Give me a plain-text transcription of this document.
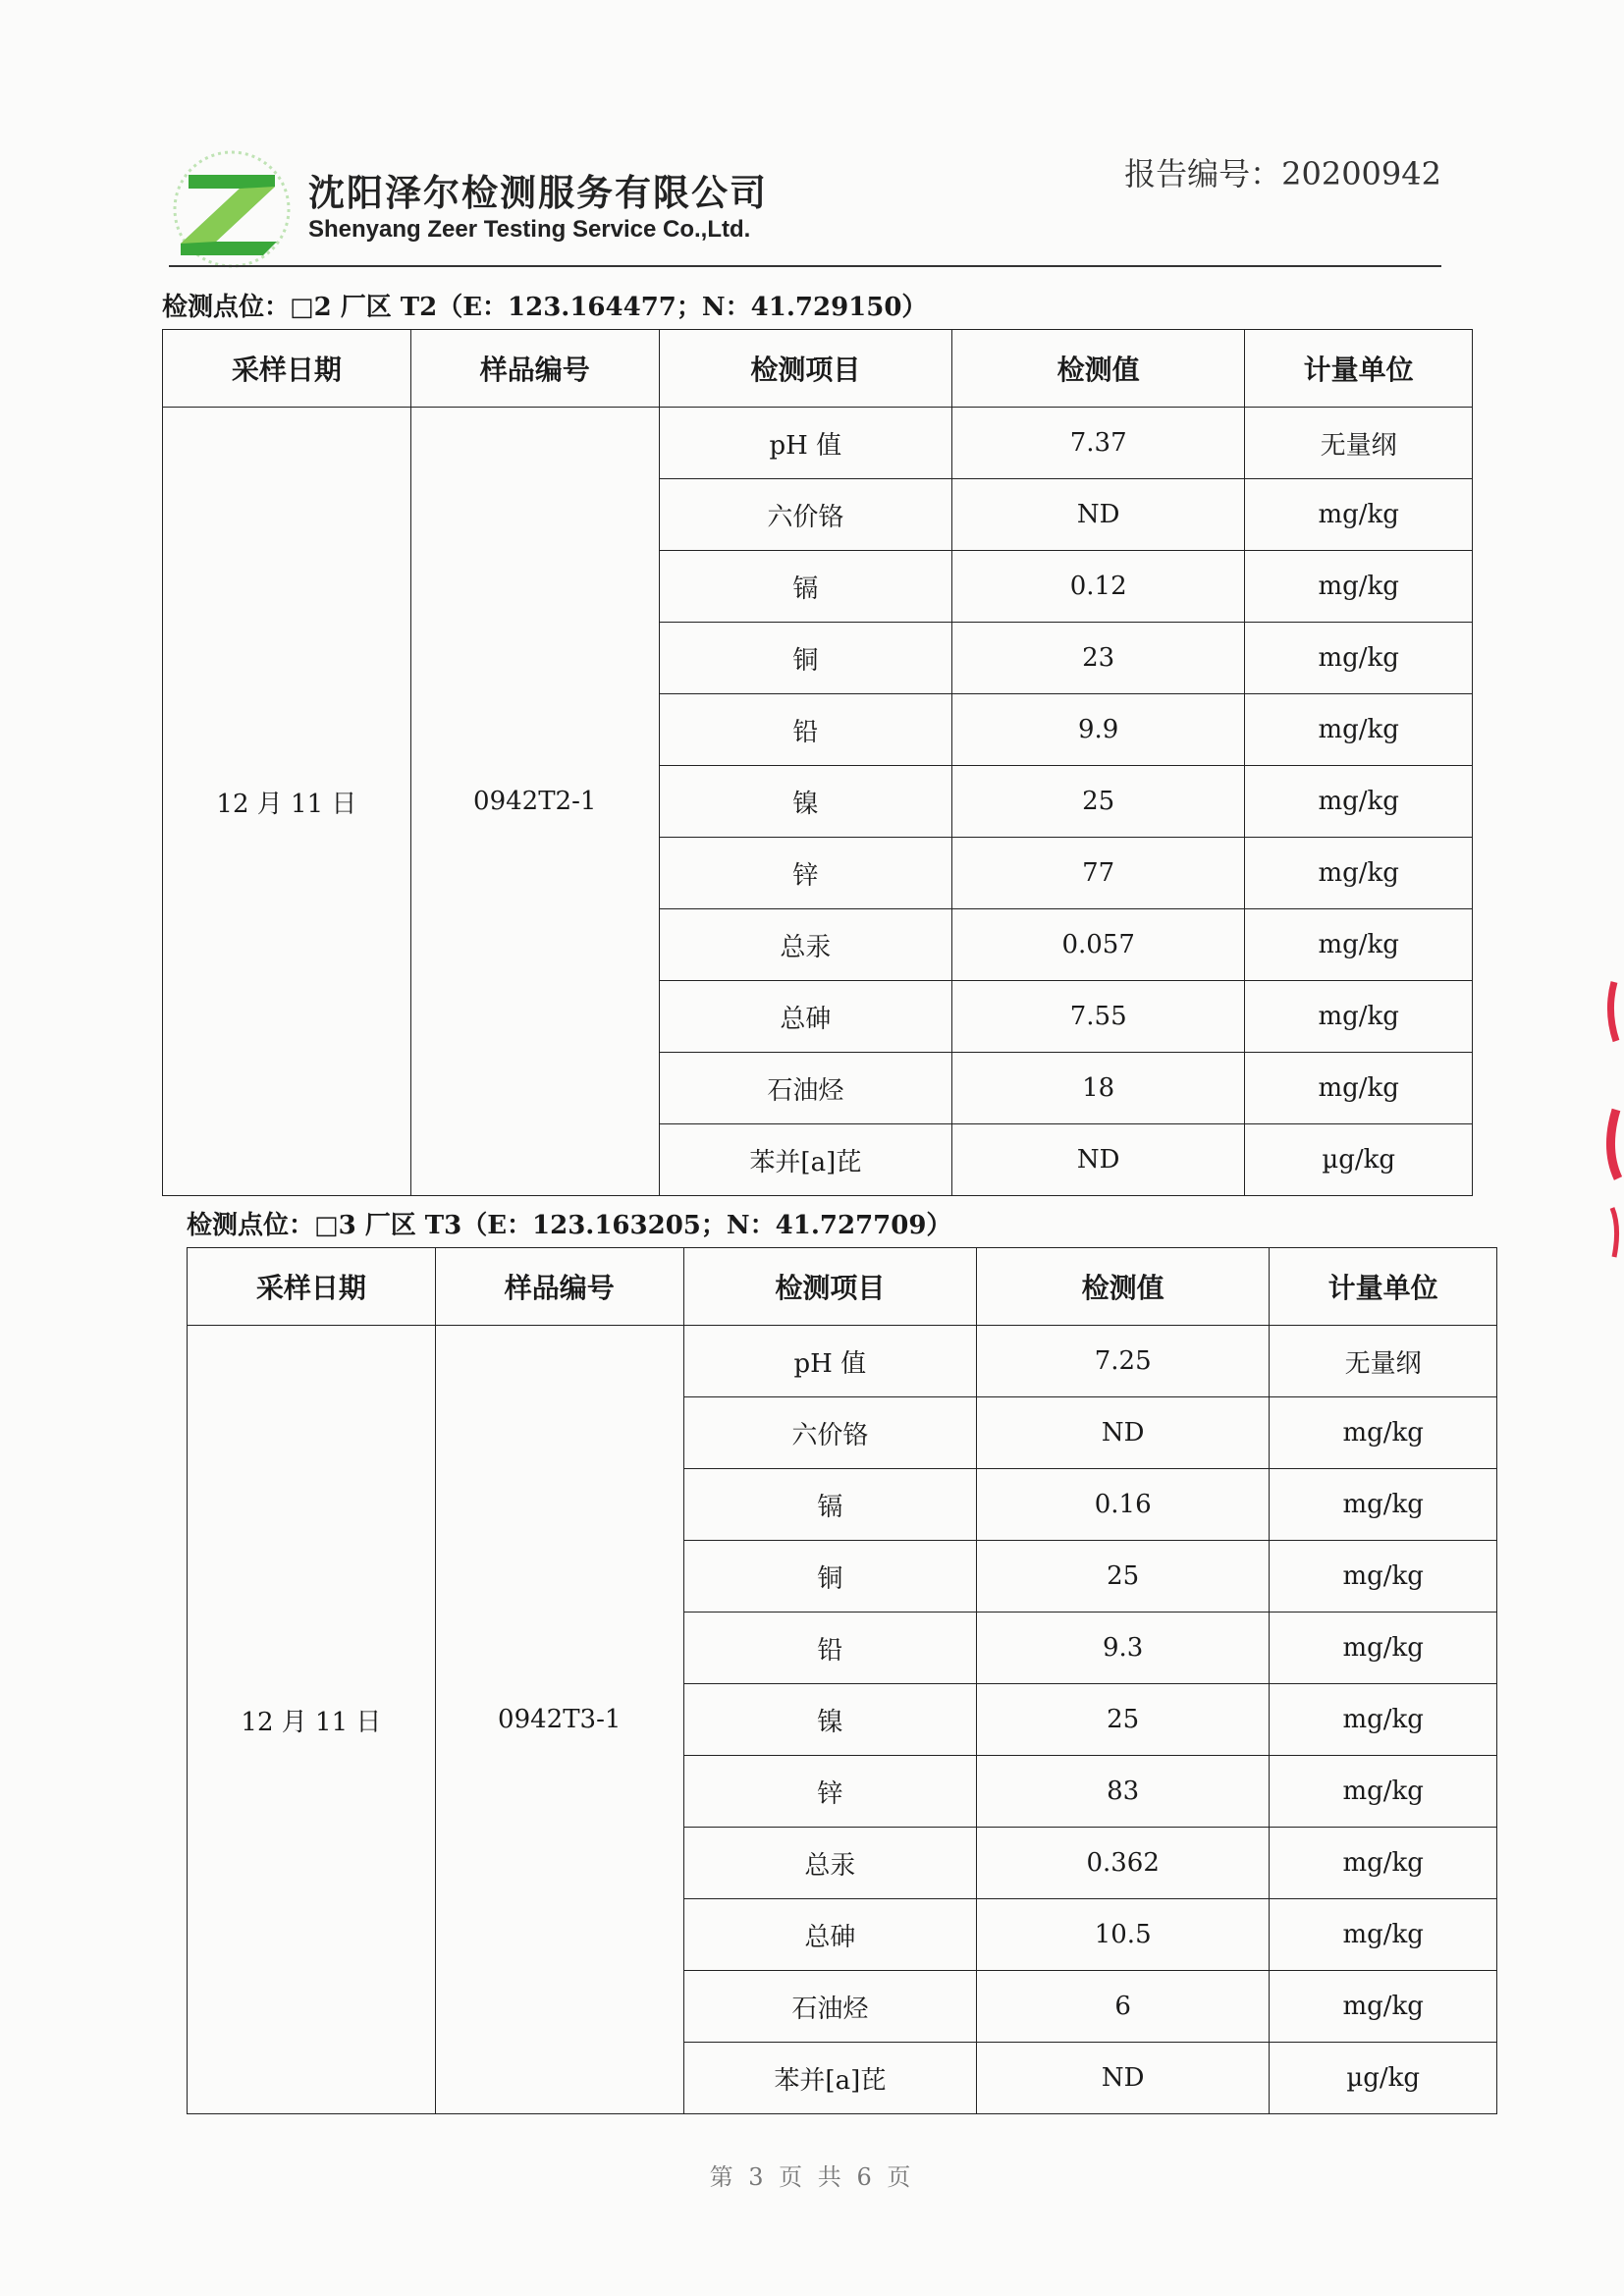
沈阳泽尔检测服务有限公司
Shenyang Zeer Testing Service Co.,Ltd.
报告编号：20200942
检测点位：□2 厂区 T2（E：123.164477；N：41.729150）
采样日期	样品编号	检测项目	检测值	计量单位
12 月 11 日	0942T2-1	pH 值	7.37	无量纲
		六价铬	ND	mg/kg
		镉	0.12	mg/kg
		铜	23	mg/kg
		铅	9.9	mg/kg
		镍	25	mg/kg
		锌	77	mg/kg
		总汞	0.057	mg/kg
		总砷	7.55	mg/kg
		石油烃	18	mg/kg
		苯并[a]芘	ND	µg/kg
检测点位：□3 厂区 T3（E：123.163205；N：41.727709）
采样日期	样品编号	检测项目	检测值	计量单位
12 月 11 日	0942T3-1	pH 值	7.25	无量纲
		六价铬	ND	mg/kg
		镉	0.16	mg/kg
		铜	25	mg/kg
		铅	9.3	mg/kg
		镍	25	mg/kg
		锌	83	mg/kg
		总汞	0.362	mg/kg
		总砷	10.5	mg/kg
		石油烃	6	mg/kg
		苯并[a]芘	ND	µg/kg
第 3 页 共 6 页
